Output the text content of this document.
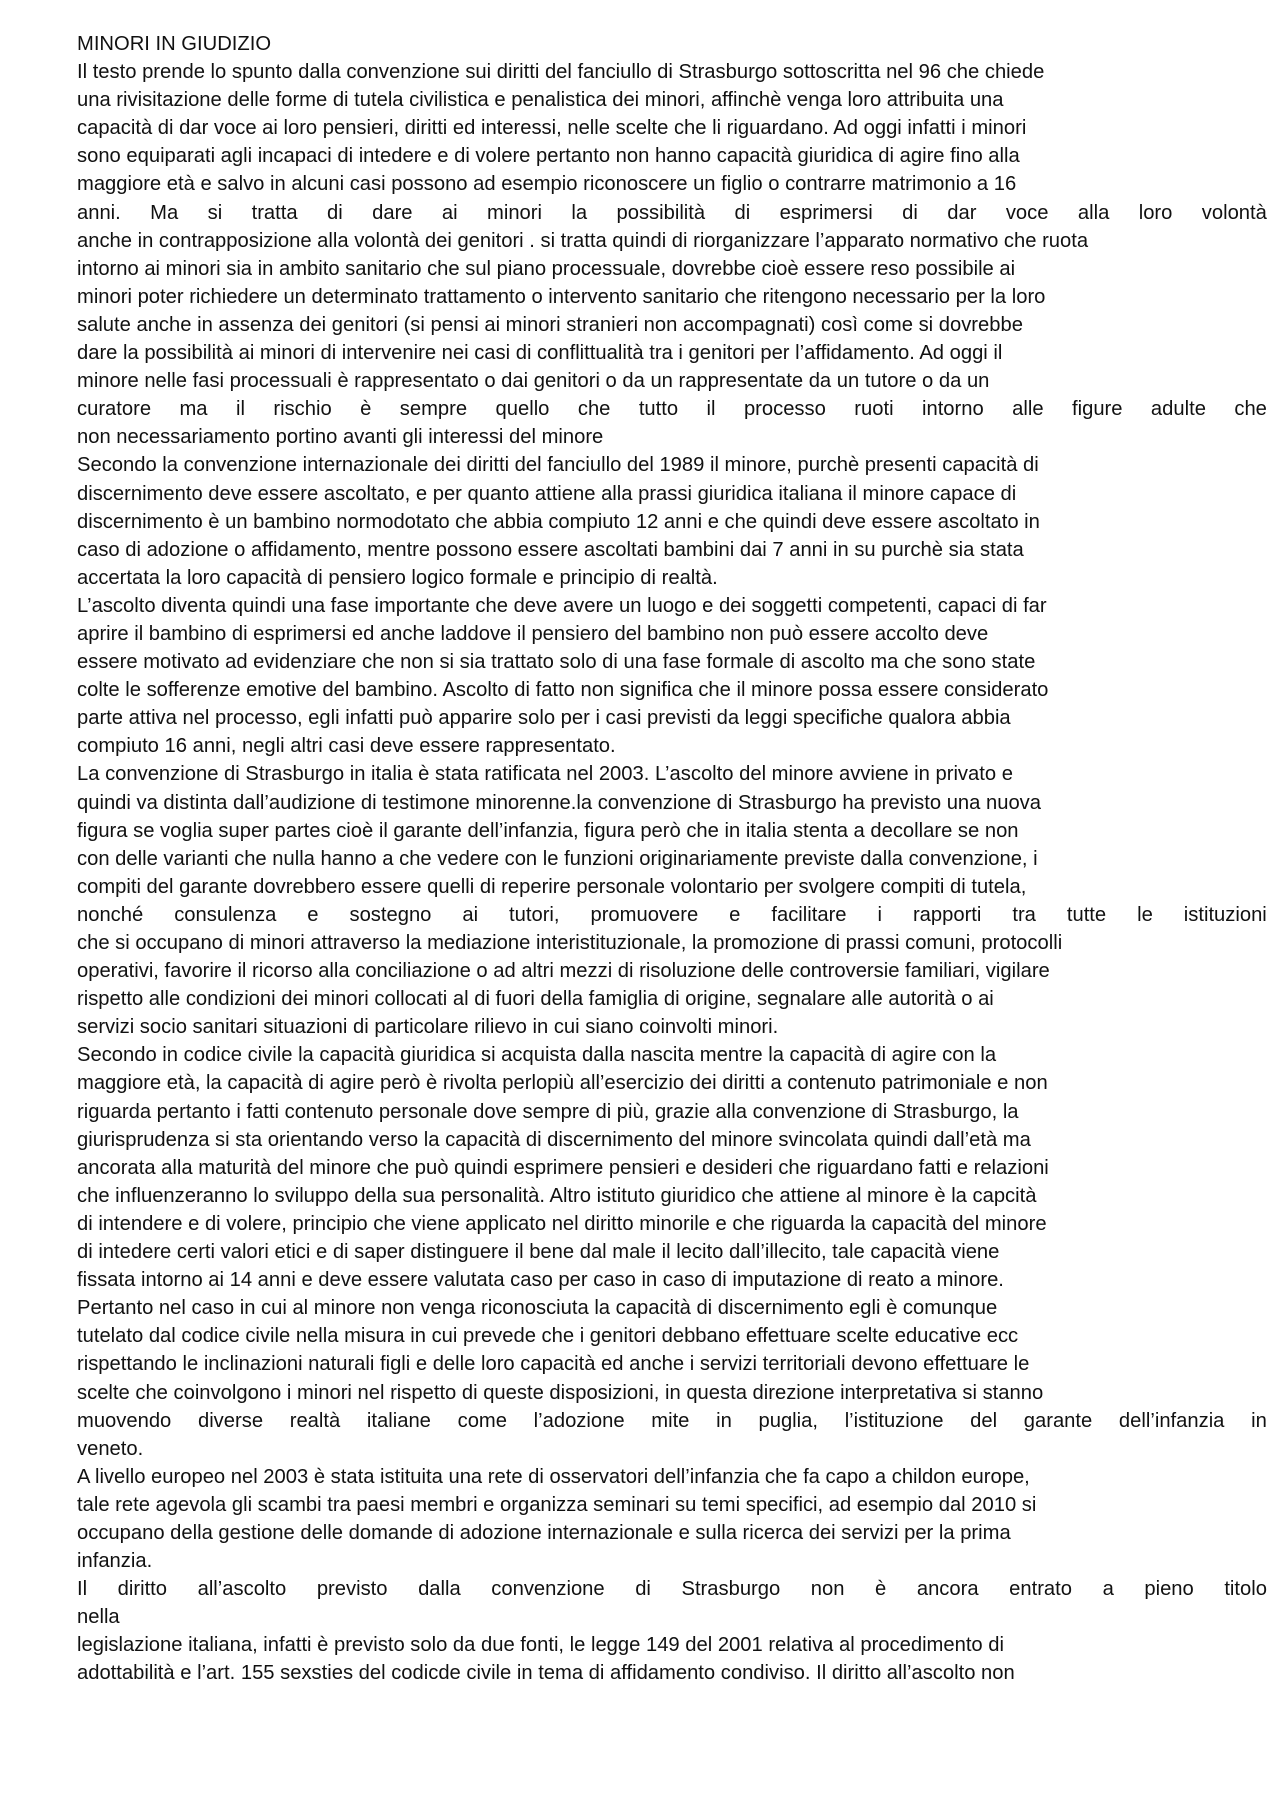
MINORI IN GIUDIZIO
Il testo prende lo spunto dalla convenzione sui diritti del fanciullo di Strasburgo sottoscritta nel 96 che chiede
una rivisitazione delle forme di tutela civilistica e penalistica dei minori, affinchè venga loro attribuita una
capacità di dar voce ai loro pensieri, diritti ed interessi, nelle scelte che li riguardano. Ad oggi infatti i minori
sono equiparati agli incapaci di intedere e di volere pertanto non hanno capacità giuridica di agire fino alla
maggiore età e salvo in alcuni casi possono ad esempio riconoscere un figlio o contrarre matrimonio a 16
anni. Ma si tratta di dare ai minori la possibilità di esprimersi di dar voce alla loro volontà
anche in contrapposizione alla volontà dei genitori . si tratta quindi di riorganizzare l’apparato normativo che ruota
intorno ai minori sia in ambito sanitario che sul piano processuale, dovrebbe cioè essere reso possibile ai
minori poter richiedere un determinato trattamento o intervento sanitario che ritengono necessario per la loro
salute anche in assenza dei genitori (si pensi ai minori stranieri non accompagnati) così come si dovrebbe
dare la possibilità ai minori di intervenire nei casi di conflittualità tra i genitori per l’affidamento. Ad oggi il
minore nelle fasi processuali è rappresentato o dai genitori o da un rappresentate da un tutore o da un
curatore ma il rischio è sempre quello che tutto il processo ruoti intorno alle figure adulte che
non necessariamento portino avanti gli interessi del minore
Secondo la convenzione internazionale dei diritti del fanciullo del 1989 il minore, purchè presenti capacità di
discernimento deve essere ascoltato, e per quanto attiene alla prassi giuridica italiana il minore capace di
discernimento è un bambino normodotato che abbia compiuto 12 anni e che quindi deve essere ascoltato in
caso di adozione o affidamento, mentre possono essere ascoltati bambini dai 7 anni in su purchè sia stata
accertata la loro capacità di pensiero logico formale e principio di realtà.
L’ascolto diventa quindi una fase importante che deve avere un luogo e dei soggetti competenti, capaci di far
aprire il bambino di esprimersi ed anche laddove il pensiero del bambino non può essere accolto deve
essere motivato ad evidenziare che non si sia trattato solo di una fase formale di ascolto ma che sono state
colte le sofferenze emotive del bambino. Ascolto di fatto non significa che il minore possa essere considerato
parte attiva nel processo, egli infatti può apparire solo per i casi previsti da leggi specifiche qualora abbia
compiuto 16 anni, negli altri casi deve essere rappresentato.
La convenzione di Strasburgo in italia è stata ratificata nel 2003. L’ascolto del minore avviene in privato e
quindi va distinta dall’audizione di testimone minorenne.la convenzione di Strasburgo ha previsto una nuova
figura se voglia super partes cioè il garante dell’infanzia, figura però che in italia stenta a decollare se non
con delle varianti che nulla hanno a che vedere con le funzioni originariamente previste dalla convenzione, i
compiti del garante dovrebbero essere quelli di reperire personale volontario per svolgere compiti di tutela,
nonché consulenza e sostegno ai tutori, promuovere e facilitare i rapporti tra tutte le istituzioni
che si occupano di minori attraverso la mediazione interistituzionale, la promozione di prassi comuni, protocolli
operativi, favorire il ricorso alla conciliazione o ad altri mezzi di risoluzione delle controversie familiari, vigilare
rispetto alle condizioni dei minori collocati al di fuori della famiglia di origine, segnalare alle autorità o ai
servizi socio sanitari situazioni di particolare rilievo in cui siano coinvolti minori.
Secondo in codice civile la capacità giuridica si acquista dalla nascita mentre la capacità di agire con la
maggiore età, la capacità di agire però è rivolta perlopiù all’esercizio dei diritti a contenuto patrimoniale e non
riguarda pertanto i fatti contenuto personale dove sempre di più, grazie alla convenzione di Strasburgo, la
giurisprudenza si sta orientando verso la capacità di discernimento del minore svincolata quindi dall’età ma
ancorata alla maturità del minore che può quindi esprimere pensieri e desideri che riguardano fatti e relazioni
che influenzeranno lo sviluppo della sua personalità. Altro istituto giuridico che attiene al minore è la capcità
di intendere e di volere, principio che viene applicato nel diritto minorile e che riguarda la capacità del minore
di intedere certi valori etici e di saper distinguere il bene dal male il lecito dall’illecito, tale capacità viene
fissata intorno ai 14 anni e deve essere valutata caso per caso in caso di imputazione di reato a minore.
Pertanto nel caso in cui al minore non venga riconosciuta la capacità di discernimento egli è comunque
tutelato dal codice civile nella misura in cui prevede che i genitori debbano effettuare scelte educative ecc
rispettando le inclinazioni naturali figli e delle loro capacità ed anche i servizi territoriali devono effettuare le
scelte che coinvolgono i minori nel rispetto di queste disposizioni, in questa direzione interpretativa si stanno
muovendo diverse realtà italiane come l’adozione mite in puglia, l’istituzione del garante dell’infanzia in
veneto.
A livello europeo nel 2003 è stata istituita una rete di osservatori dell’infanzia che fa capo a childon europe,
tale rete agevola gli scambi tra paesi membri e organizza seminari su temi specifici, ad esempio dal 2010 si
occupano della gestione delle domande di adozione internazionale e sulla ricerca dei servizi per la prima
infanzia.
Il diritto all’ascolto previsto dalla convenzione di Strasburgo non è ancora entrato a pieno titolo
nella
legislazione italiana, infatti è previsto solo da due fonti, le legge 149 del 2001 relativa al procedimento di
adottabilità e l’art. 155 sexsties del codicde civile in tema di affidamento condiviso. Il diritto all’ascolto non
